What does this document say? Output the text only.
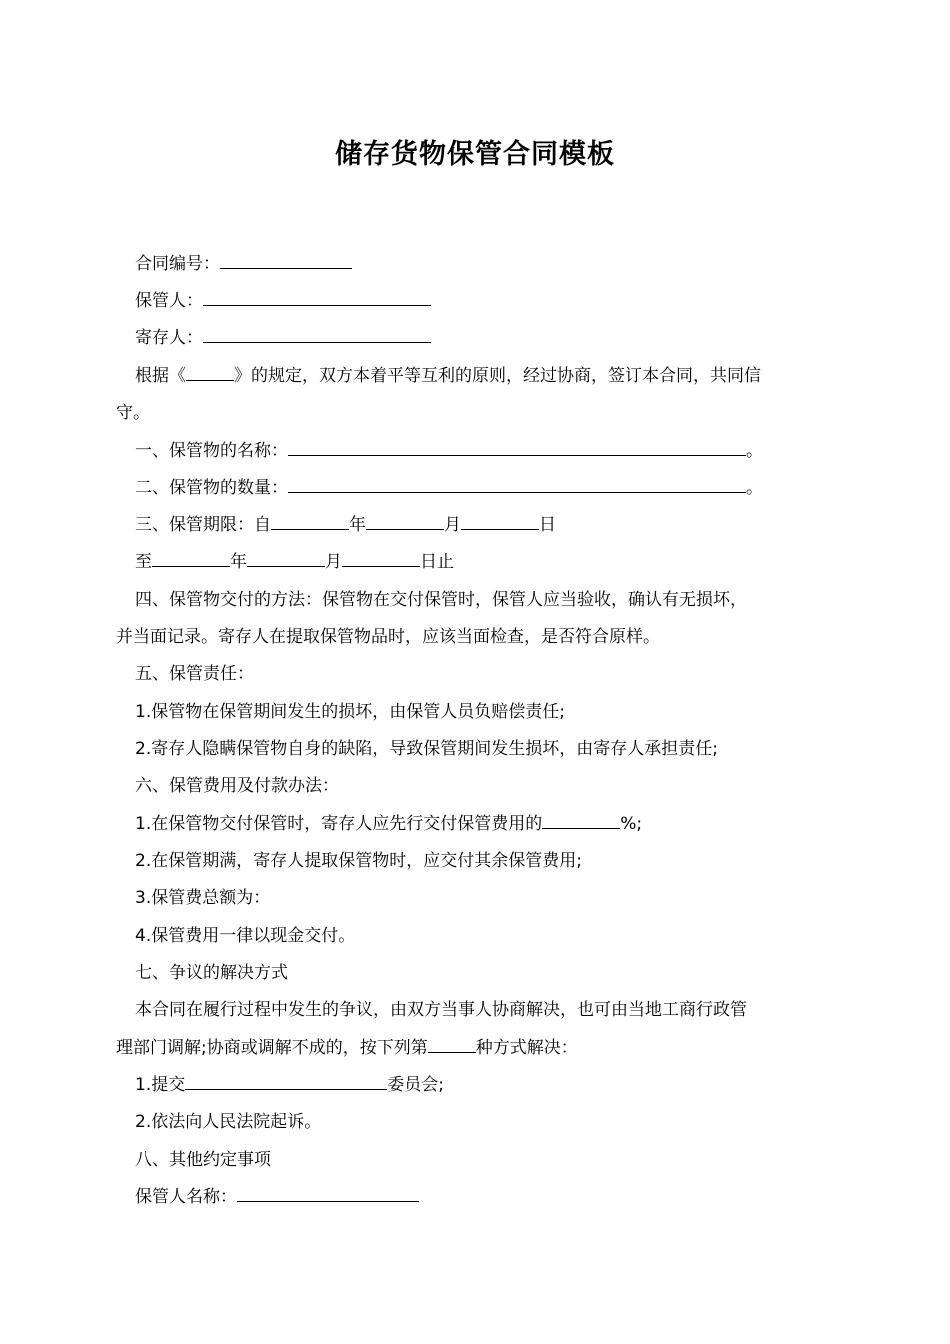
储存货物保管合同模板
合同编号：
保管人：
寄存人：
根据《	》的规定，双方本着平等互利的原则，经过协商，签订本合同，共同信
守。
一、保管物的名称：	。
二、保管物的数量：	。
三、保管期限：自	年	月	日
至	年	月	日止
四、保管物交付的方法：保管物在交付保管时，保管人应当验收，确认有无损坏，
并当面记录。寄存人在提取保管物品时，应该当面检查，是否符合原样。
五、保管责任：
1.保管物在保管期间发生的损坏，由保管人员负赔偿责任;
2.寄存人隐瞒保管物自身的缺陷，导致保管期间发生损坏，由寄存人承担责任;
六、保管费用及付款办法：
1.在保管物交付保管时，寄存人应先行交付保管费用的	%;
2.在保管期满，寄存人提取保管物时，应交付其余保管费用;
3.保管费总额为：
4.保管费用一律以现金交付。
七、争议的解决方式
本合同在履行过程中发生的争议，由双方当事人协商解决，也可由当地工商行政管
理部门调解;协商或调解不成的，按下列第	种方式解决：
1.提交	委员会;
2.依法向人民法院起诉。
八、其他约定事项
保管人名称：
